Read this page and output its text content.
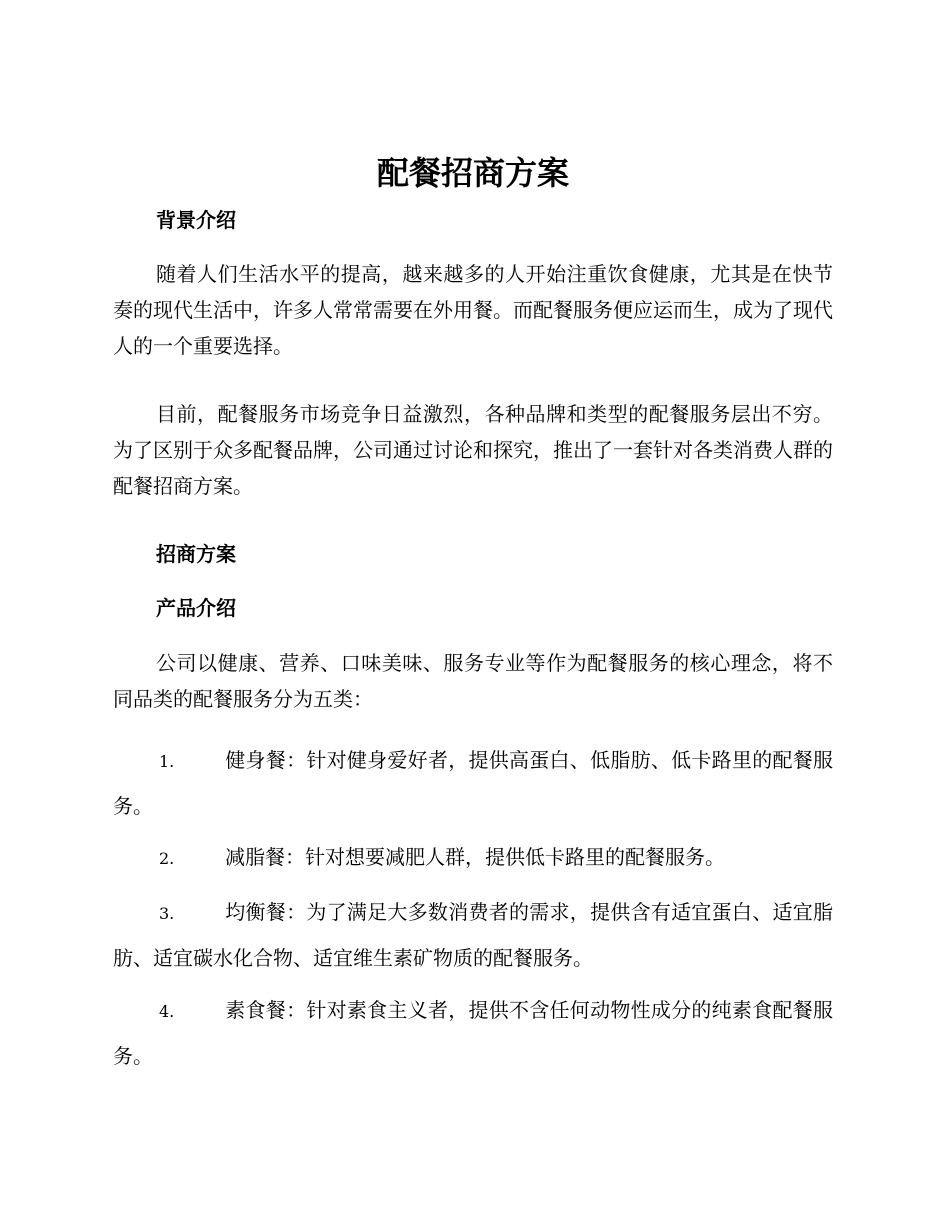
配餐招商方案
背景介绍

随着人们生活水平的提高，越来越多的人开始注重饮食健康，尤其是在快节奏的现代生活中，许多人常常需要在外用餐。而配餐服务便应运而生，成为了现代人的一个重要选择。

目前，配餐服务市场竞争日益激烈，各种品牌和类型的配餐服务层出不穷。为了区别于众多配餐品牌，公司通过讨论和探究，推出了一套针对各类消费人群的配餐招商方案。

招商方案
产品介绍

公司以健康、营养、口味美味、服务专业等作为配餐服务的核心理念，将不同品类的配餐服务分为五类：

1.	健身餐：针对健身爱好者，提供高蛋白、低脂肪、低卡路里的配餐服务。

2.	减脂餐：针对想要减肥人群，提供低卡路里的配餐服务。

3.	均衡餐：为了满足大多数消费者的需求，提供含有适宜蛋白、适宜脂肪、适宜碳水化合物、适宜维生素矿物质的配餐服务。

4.	素食餐：针对素食主义者，提供不含任何动物性成分的纯素食配餐服务。
